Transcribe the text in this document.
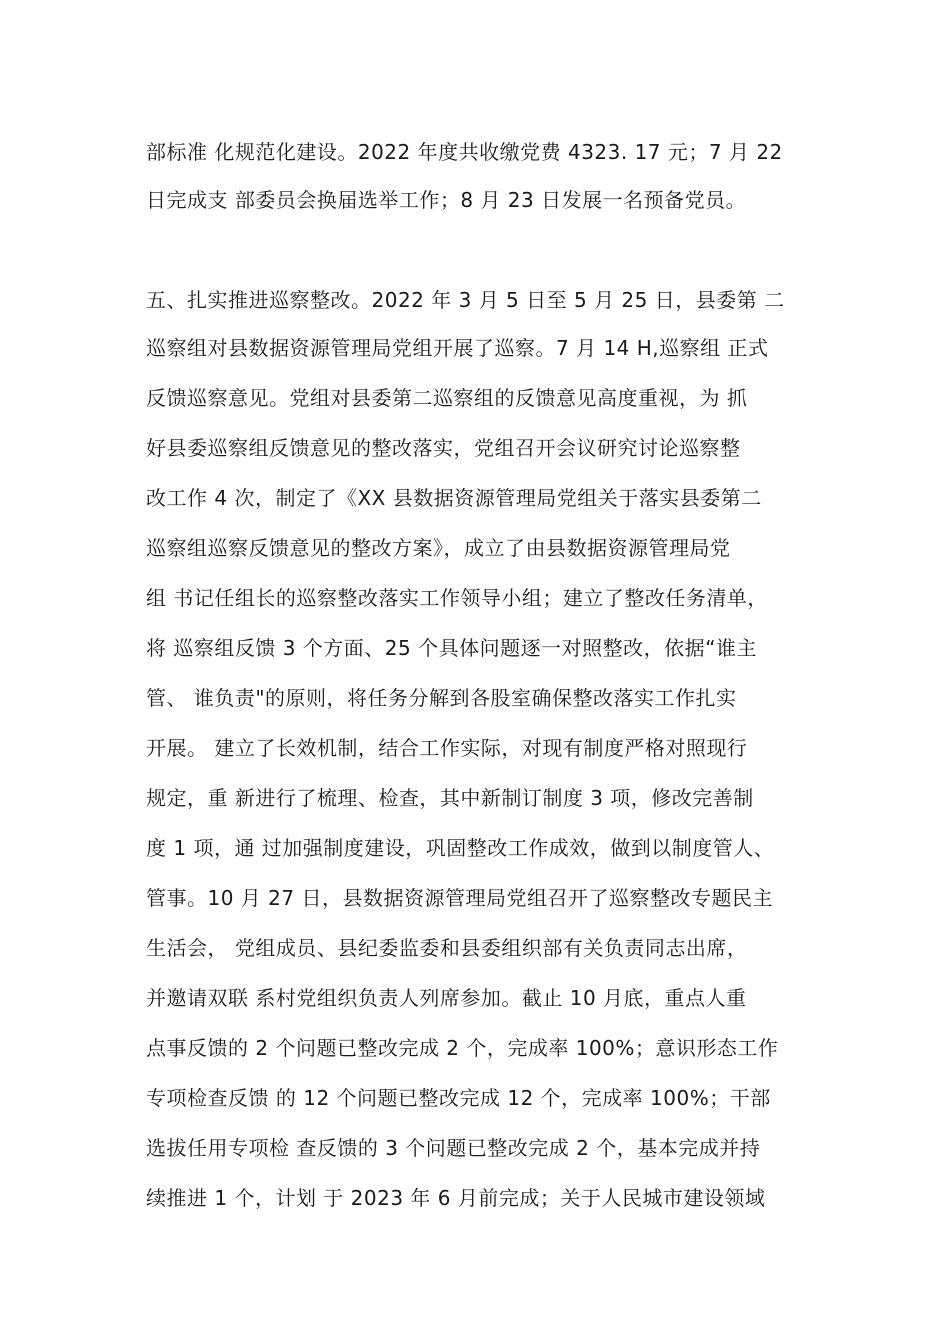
部标准 化规范化建设。2022 年度共收缴党费 4323. 17 元；7 月 22
日完成支 部委员会换届选举工作；8 月 23 日发展一名预备党员。
五、扎实推进巡察整改。2022 年 3 月 5 日至 5 月 25 日，县委第 二
巡察组对县数据资源管理局党组开展了巡察。7 月 14 H,巡察组 正式
反馈巡察意见。党组对县委第二巡察组的反馈意见高度重视，为 抓
好县委巡察组反馈意见的整改落实，党组召开会议研究讨论巡察整
改工作 4 次，制定了《XX 县数据资源管理局党组关于落实县委第二
巡察组巡察反馈意见的整改方案》，成立了由县数据资源管理局党
组 书记任组长的巡察整改落实工作领导小组；建立了整改任务清单，
将 巡察组反馈 3 个方面、25 个具体问题逐一对照整改，依据“谁主
管、 谁负责"的原则，将任务分解到各股室确保整改落实工作扎实
开展。 建立了长效机制，结合工作实际，对现有制度严格对照现行
规定，重 新进行了梳理、检查，其中新制订制度 3 项，修改完善制
度 1 项，通 过加强制度建设，巩固整改工作成效，做到以制度管人、
管事。10 月 27 日，县数据资源管理局党组召开了巡察整改专题民主
生活会， 党组成员、县纪委监委和县委组织部有关负责同志出席，
并邀请双联 系村党组织负责人列席参加。截止 10 月底，重点人重
点事反馈的 2 个问题已整改完成 2 个，完成率 100%；意识形态工作
专项检查反馈 的 12 个问题已整改完成 12 个，完成率 100%；干部
选拔任用专项检 查反馈的 3 个问题已整改完成 2 个，基本完成并持
续推进 1 个，计划 于 2023 年 6 月前完成；关于人民城市建设领域
